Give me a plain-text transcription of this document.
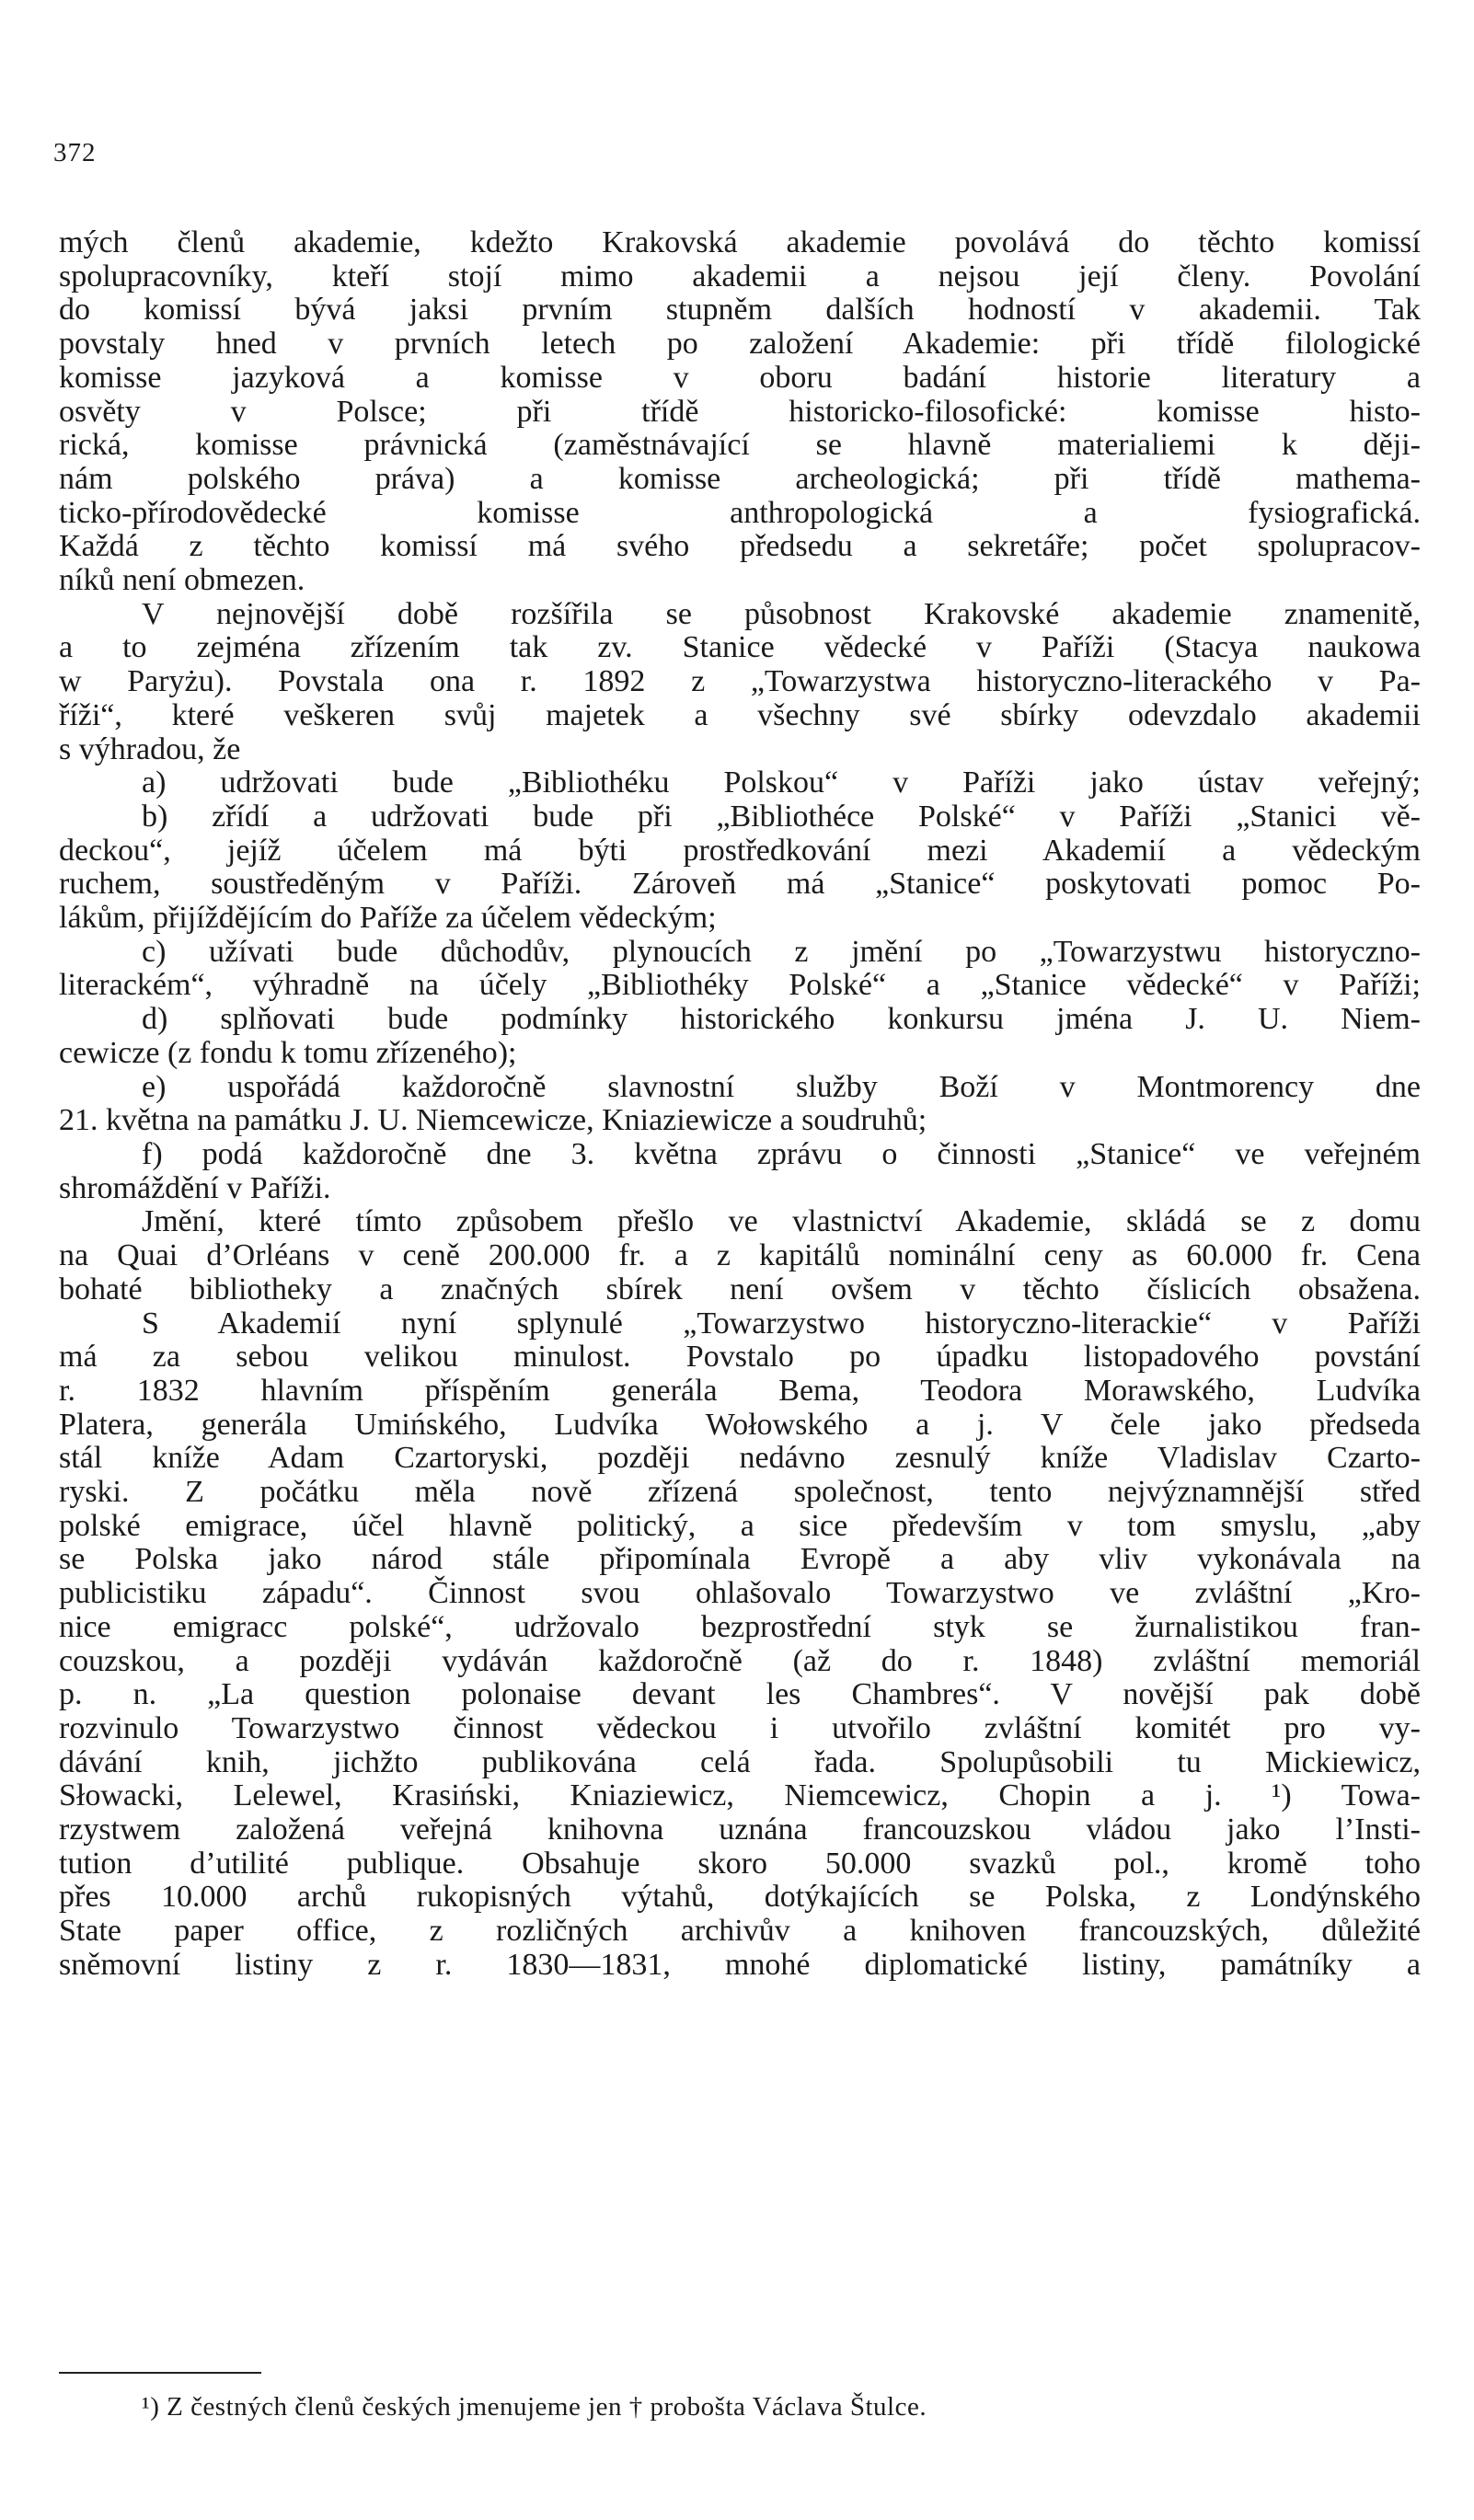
372

mých členů akademie, kdežto Krakovská akademie povolává do těchto komissí

spolupracovníky, kteří stojí mimo akademii a nejsou její členy. Povolání

do komissí bývá jaksi prvním stupněm dalších hodností v akademii. Tak

povstaly hned v prvních letech po založení Akademie: při třídě filologické

komisse jazyková a komisse v oboru badání historie literatury a

osvěty v Polsce; při třídě historicko-filosofické: komisse histo-

rická, komisse právnická (zaměstnávající se hlavně materialiemi k ději-

nám polského práva) a komisse archeologická; při třídě mathema-

ticko-přírodovědecké komisse anthropologická a fysiografická.

Každá z těchto komissí má svého předsedu a sekretáře; počet spolupracov-

níků není obmezen.

V nejnovější době rozšířila se působnost Krakovské akademie znamenitě,

a to zejména zřízením tak zv. Stanice vědecké v Paříži (Stacya naukowa

w Paryżu). Povstala ona r. 1892 z „Towarzystwa historyczno-literackého v Pa-

říži“, které veškeren svůj majetek a všechny své sbírky odevzdalo akademii

s výhradou, že

a) udržovati bude „Bibliothéku Polskou“ v Paříži jako ústav veřejný;

b) zřídí a udržovati bude při „Bibliothéce Polské“ v Paříži „Stanici vě-

deckou“, jejíž účelem má býti prostředkování mezi Akademií a vědeckým

ruchem, soustředěným v Paříži. Zároveň má „Stanice“ poskytovati pomoc Po-

lákům, přijíždějícím do Paříže za účelem vědeckým;

c) užívati bude důchodův, plynoucích z jmění po „Towarzystwu historyczno-

literackém“, výhradně na účely „Bibliothéky Polské“ a „Stanice vědecké“ v Paříži;

d) splňovati bude podmínky historického konkursu jména J. U. Niem-

cewicze (z fondu k tomu zřízeného);

e) uspořádá každoročně slavnostní služby Boží v Montmorency dne

21. května na památku J. U. Niemcewicze, Kniaziewicze a soudruhů;

f) podá každoročně dne 3. května zprávu o činnosti „Stanice“ ve veřejném

shromáždění v Paříži.

Jmění, které tímto způsobem přešlo ve vlastnictví Akademie, skládá se z domu

na Quai d’Orléans v ceně 200.000 fr. a z kapitálů nominální ceny as 60.000 fr. Cena

bohaté bibliotheky a značných sbírek není ovšem v těchto číslicích obsažena.

S Akademií nyní splynulé „Towarzystwo historyczno-literackie“ v Paříži

má za sebou velikou minulost. Povstalo po úpadku listopadového povstání

r. 1832 hlavním příspěním generála Bema, Teodora Morawského, Ludvíka

Platera, generála Umińského, Ludvíka Wołowského a j. V čele jako předseda

stál kníže Adam Czartoryski, později nedávno zesnulý kníže Vladislav Czarto-

ryski. Z počátku měla nově zřízená společnost, tento nejvýznamnější střed

polské emigrace, účel hlavně politický, a sice především v tom smyslu, „aby

se Polska jako národ stále připomínala Evropě a aby vliv vykonávala na

publicistiku západu“. Činnost svou ohlašovalo Towarzystwo ve zvláštní „Kro-

nice emigracc polské“, udržovalo bezprostřední styk se žurnalistikou fran-

couzskou, a později vydáván každoročně (až do r. 1848) zvláštní memoriál

p. n. „La question polonaise devant les Chambres“. V novější pak době

rozvinulo Towarzystwo činnost vědeckou i utvořilo zvláštní komitét pro vy-

dávání knih, jichžto publikována celá řada. Spolupůsobili tu Mickiewicz,

Słowacki, Lelewel, Krasiński, Kniaziewicz, Niemcewicz, Chopin a j. ¹) Towa-

rzystwem založená veřejná knihovna uznána francouzskou vládou jako l’Insti-

tution d’utilité publique. Obsahuje skoro 50.000 svazků pol., kromě toho

přes 10.000 archů rukopisných výtahů, dotýkajících se Polska, z Londýnského

State paper office, z rozličných archivův a knihoven francouzských, důležité

sněmovní listiny z r. 1830—1831, mnohé diplomatické listiny, památníky a

¹) Z čestných členů českých jmenujeme jen † probošta Václava Štulce.
